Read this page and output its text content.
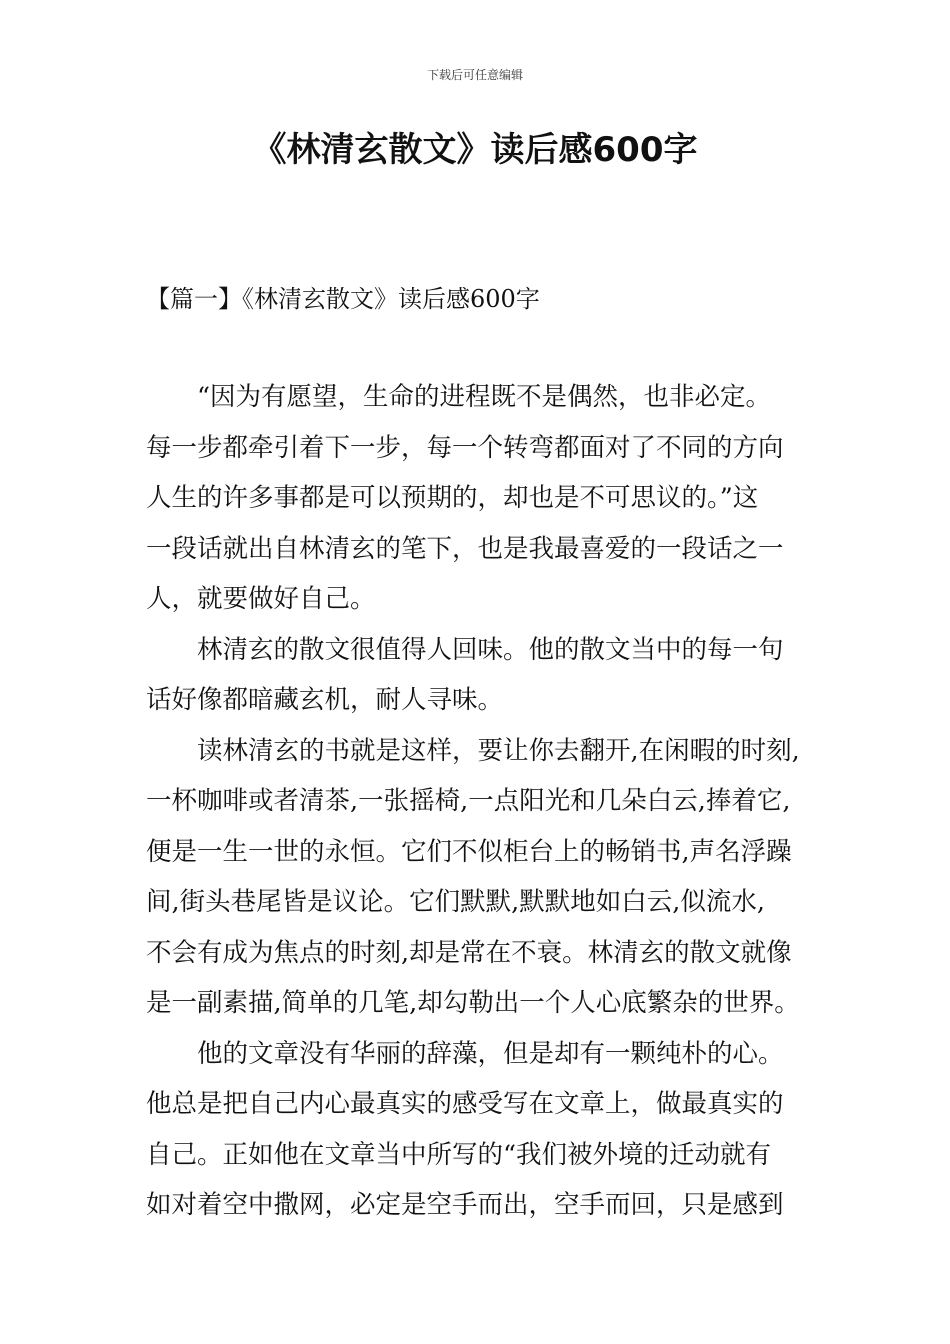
下载后可任意编辑
《林清玄散文》读后感600字
【篇一】《林清玄散文》读后感600字

“因为有愿望，生命的进程既不是偶然，也非必定。
每一步都牵引着下一步，每一个转弯都面对了不同的方向
人生的许多事都是可以预期的，却也是不可思议的。”这
一段话就出自林清玄的笔下，也是我最喜爱的一段话之一
人，就要做好自己。

林清玄的散文很值得人回味。他的散文当中的每一句
话好像都暗藏玄机，耐人寻味。

读林清玄的书就是这样，要让你去翻开,在闲暇的时刻,
一杯咖啡或者清茶,一张摇椅,一点阳光和几朵白云,捧着它,
便是一生一世的永恒。它们不似柜台上的畅销书,声名浮躁
间,街头巷尾皆是议论。它们默默,默默地如白云,似流水,
不会有成为焦点的时刻,却是常在不衰。林清玄的散文就像
是一副素描,简单的几笔,却勾勒出一个人心底繁杂的世界。

他的文章没有华丽的辞藻，但是却有一颗纯朴的心。
他总是把自己内心最真实的感受写在文章上，做最真实的
自己。正如他在文章当中所写的“我们被外境的迁动就有
如对着空中撒网，必定是空手而出，空手而回，只是感到
